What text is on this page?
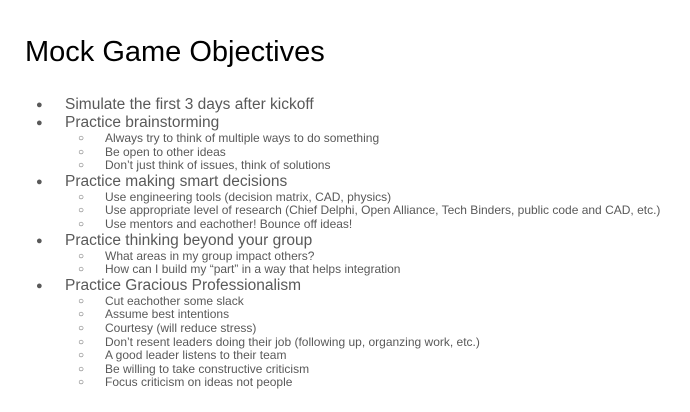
Mock Game Objectives
●	Simulate the first 3 days after kickoff
●	Practice brainstorming
○	Always try to think of multiple ways to do something
○	Be open to other ideas
○	Don’t just think of issues, think of solutions
●	Practice making smart decisions
○	Use engineering tools (decision matrix, CAD, physics)
○	Use appropriate level of research (Chief Delphi, Open Alliance, Tech Binders, public code and CAD, etc.)
○	Use mentors and eachother! Bounce off ideas!
●	Practice thinking beyond your group
○	What areas in my group impact others?
○	How can I build my “part” in a way that helps integration
●	Practice Gracious Professionalism
○	Cut eachother some slack
○	Assume best intentions
○	Courtesy (will reduce stress)
○	Don’t resent leaders doing their job (following up, organzing work, etc.)
○	A good leader listens to their team
○	Be willing to take constructive criticism
○	Focus criticism on ideas not people
